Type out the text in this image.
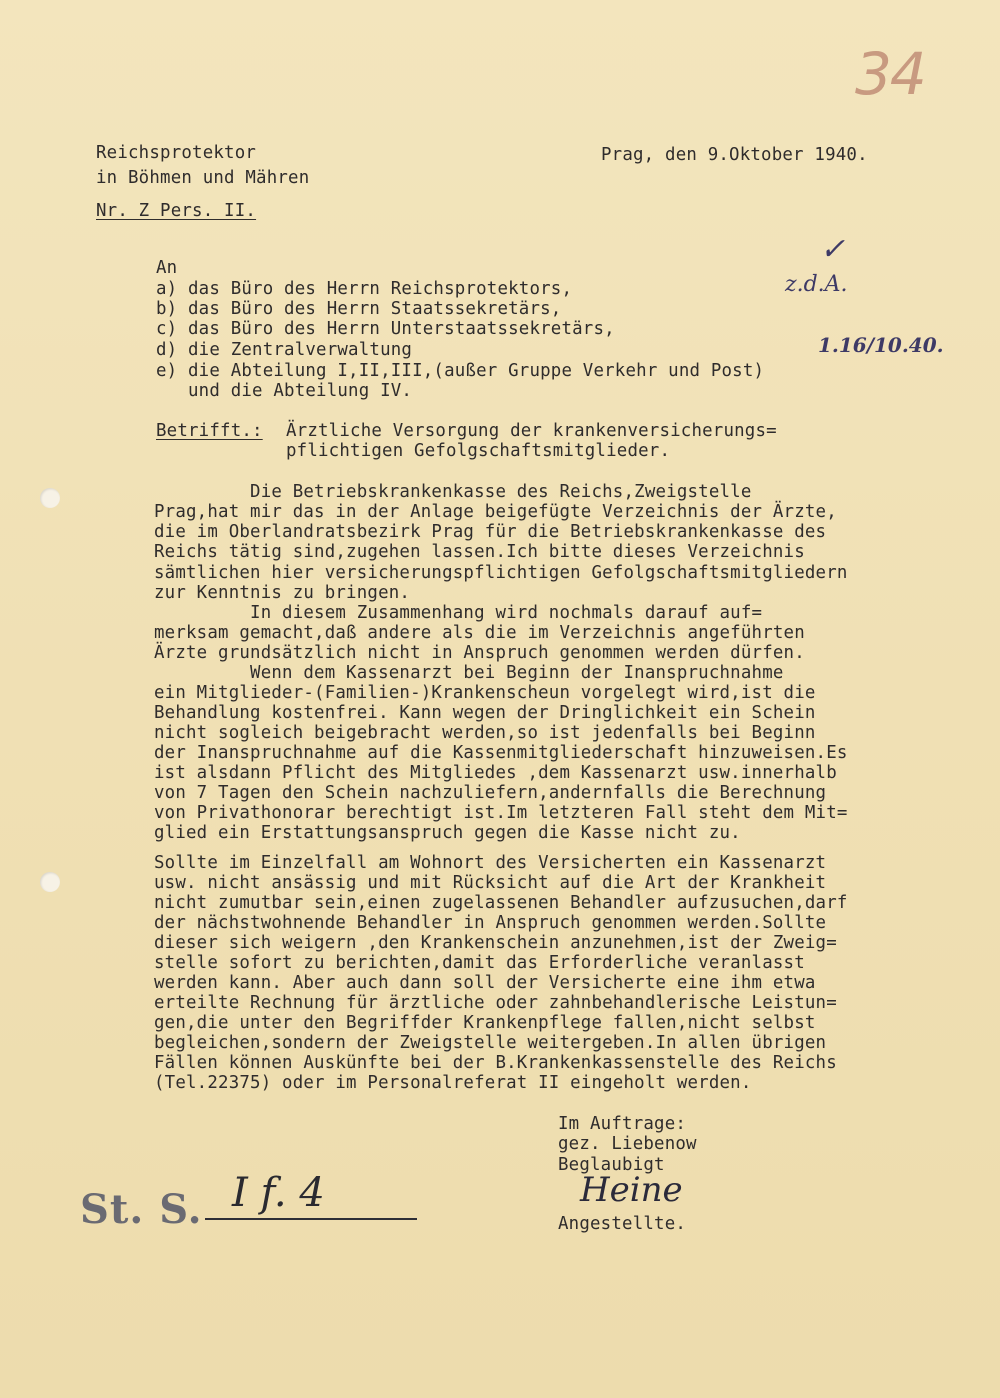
34
Reichsprotektor
in Böhmen und Mähren
Nr. Z Pers. II.
Prag, den 9.Oktober 1940.
An
a) das Büro des Herrn Reichsprotektors,
b) das Büro des Herrn Staatssekretärs,
c) das Büro des Herrn Unterstaatssekretärs,
d) die Zentralverwaltung
e) die Abteilung I,II,III,(außer Gruppe Verkehr und Post)
und die Abteilung IV.
z.d.A.
1.16/10.40.
✓
Betrifft.: Ärztliche Versorgung der krankenversicherungs=
pflichtigen Gefolgschaftsmitglieder.
Die Betriebskrankenkasse des Reichs,Zweigstelle
Prag,hat mir das in der Anlage beigefügte Verzeichnis der Ärzte,
die im Oberlandratsbezirk Prag für die Betriebskrankenkasse des
Reichs tätig sind,zugehen lassen.Ich bitte dieses Verzeichnis
sämtlichen hier versicherungspflichtigen Gefolgschaftsmitgliedern
zur Kenntnis zu bringen.
In diesem Zusammenhang wird nochmals darauf auf=
merksam gemacht,daß andere als die im Verzeichnis angeführten
Ärzte grundsätzlich nicht in Anspruch genommen werden dürfen.
Wenn dem Kassenarzt bei Beginn der Inanspruchnahme
ein Mitglieder-(Familien-)Krankenscheun vorgelegt wird,ist die
Behandlung kostenfrei. Kann wegen der Dringlichkeit ein Schein
nicht sogleich beigebracht werden,so ist jedenfalls bei Beginn
der Inanspruchnahme auf die Kassenmitgliederschaft hinzuweisen.Es
ist alsdann Pflicht des Mitgliedes ,dem Kassenarzt usw.innerhalb
von 7 Tagen den Schein nachzuliefern,andernfalls die Berechnung
von Privathonorar berechtigt ist.Im letzteren Fall steht dem Mit=
glied ein Erstattungsanspruch gegen die Kasse nicht zu.
Sollte im Einzelfall am Wohnort des Versicherten ein Kassenarzt
usw. nicht ansässig und mit Rücksicht auf die Art der Krankheit
nicht zumutbar sein,einen zugelassenen Behandler aufzusuchen,darf
der nächstwohnende Behandler in Anspruch genommen werden.Sollte
dieser sich weigern ,den Krankenschein anzunehmen,ist der Zweig=
stelle sofort zu berichten,damit das Erforderliche veranlasst
werden kann. Aber auch dann soll der Versicherte eine ihm etwa
erteilte Rechnung für ärztliche oder zahnbehandlerische Leistun=
gen,die unter den Begriffder Krankenpflege fallen,nicht selbst
begleichen,sondern der Zweigstelle weitergeben.In allen übrigen
Fällen können Auskünfte bei der B.Krankenkassenstelle des Reichs
(Tel.22375) oder im Personalreferat II eingeholt werden.
Im Auftrage:
gez. Liebenow
Beglaubigt
Heine
Angestellte.
St. S. I f. 4
